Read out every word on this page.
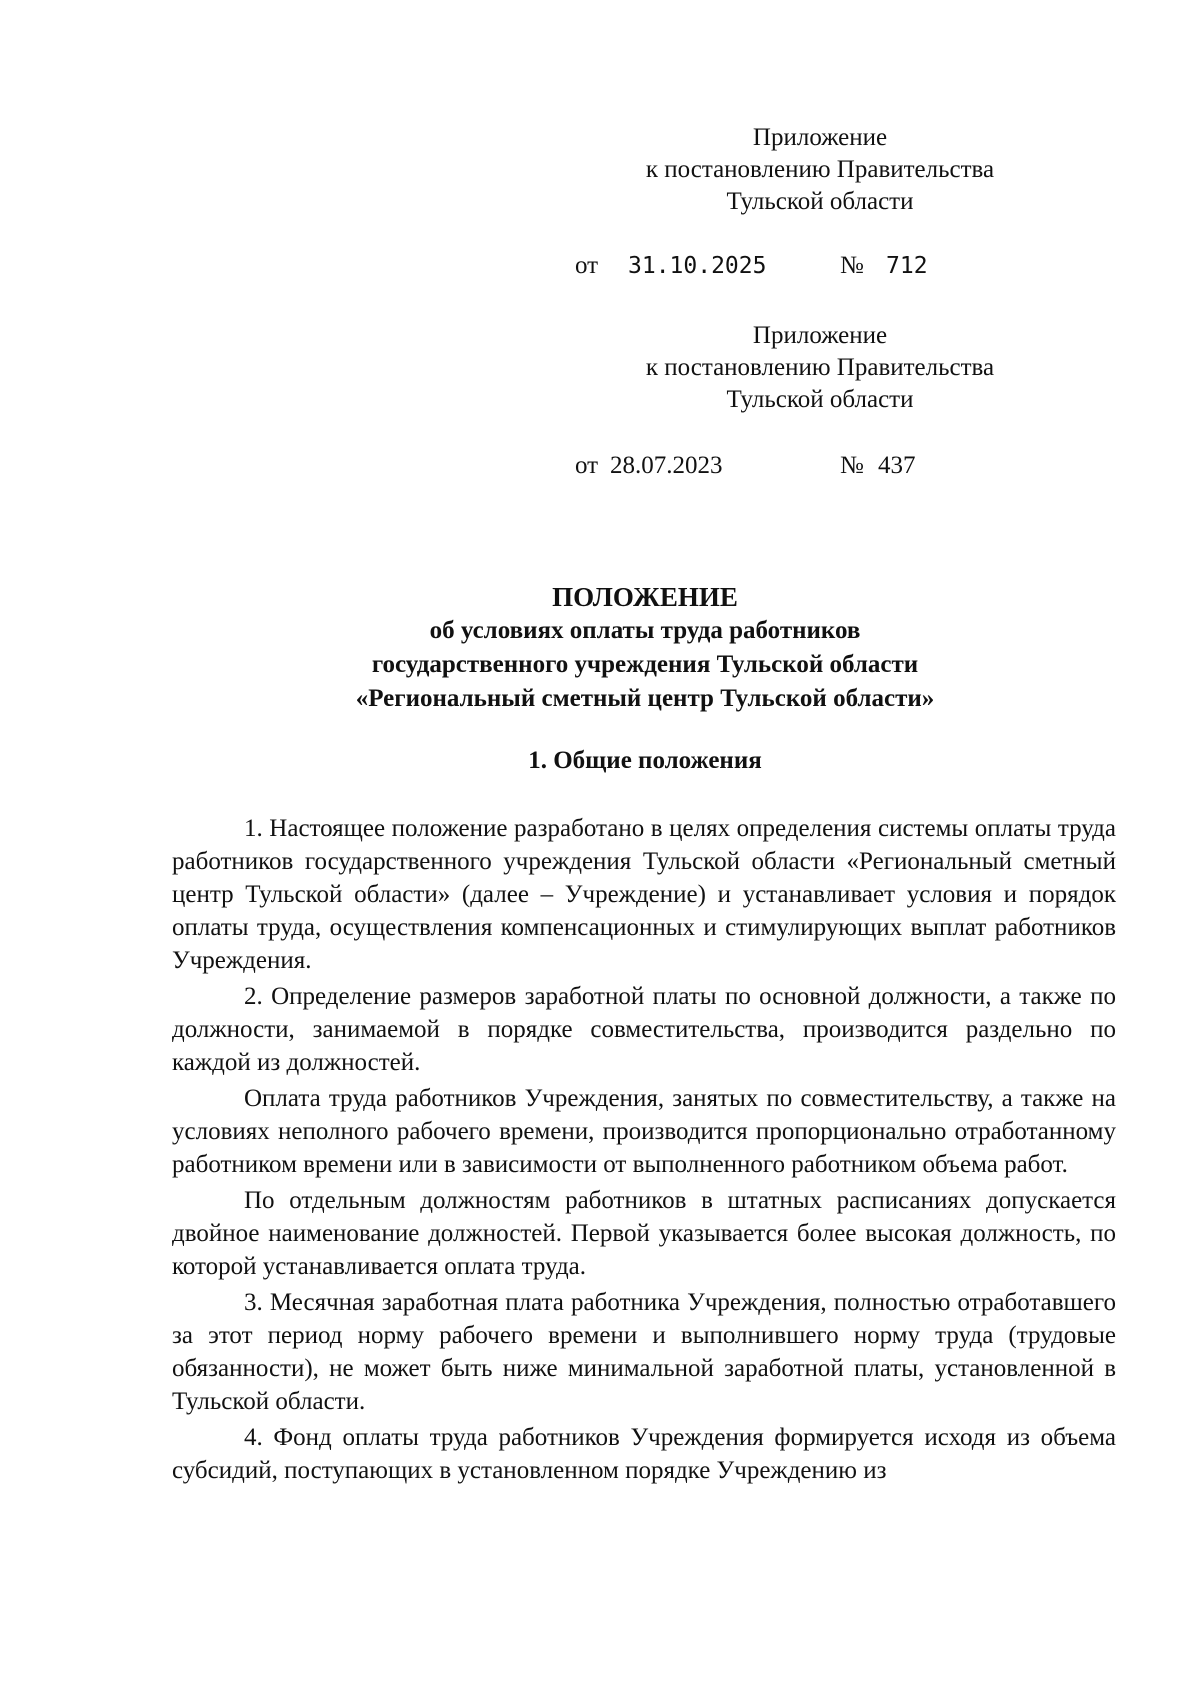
Приложение
к постановлению Правительства
Тульской области
от 31.10.2025	№ 712
Приложение
к постановлению Правительства
Тульской области
от 28.07.2023	№ 437
ПОЛОЖЕНИЕ
об условиях оплаты труда работников
государственного учреждения Тульской области
«Региональный сметный центр Тульской области»
1. Общие положения

1. Настоящее положение разработано в целях определения системы оплаты труда работников государственного учреждения Тульской области «Региональный сметный центр Тульской области» (далее – Учреждение) и устанавливает условия и порядок оплаты труда, осуществления компенсационных и стимулирующих выплат работников Учреждения.

2. Определение размеров заработной платы по основной должности, а также по должности, занимаемой в порядке совместительства, производится раздельно по каждой из должностей.

Оплата труда работников Учреждения, занятых по совместительству, а также на условиях неполного рабочего времени, производится пропорционально отработанному работником времени или в зависимости от выполненного работником объема работ.

По отдельным должностям работников в штатных расписаниях допускается двойное наименование должностей. Первой указывается более высокая должность, по которой устанавливается оплата труда.

3. Месячная заработная плата работника Учреждения, полностью отработавшего за этот период норму рабочего времени и выполнившего норму труда (трудовые обязанности), не может быть ниже минимальной заработной платы, установленной в Тульской области.

4. Фонд оплаты труда работников Учреждения формируется исходя из объема субсидий, поступающих в установленном порядке Учреждению из
